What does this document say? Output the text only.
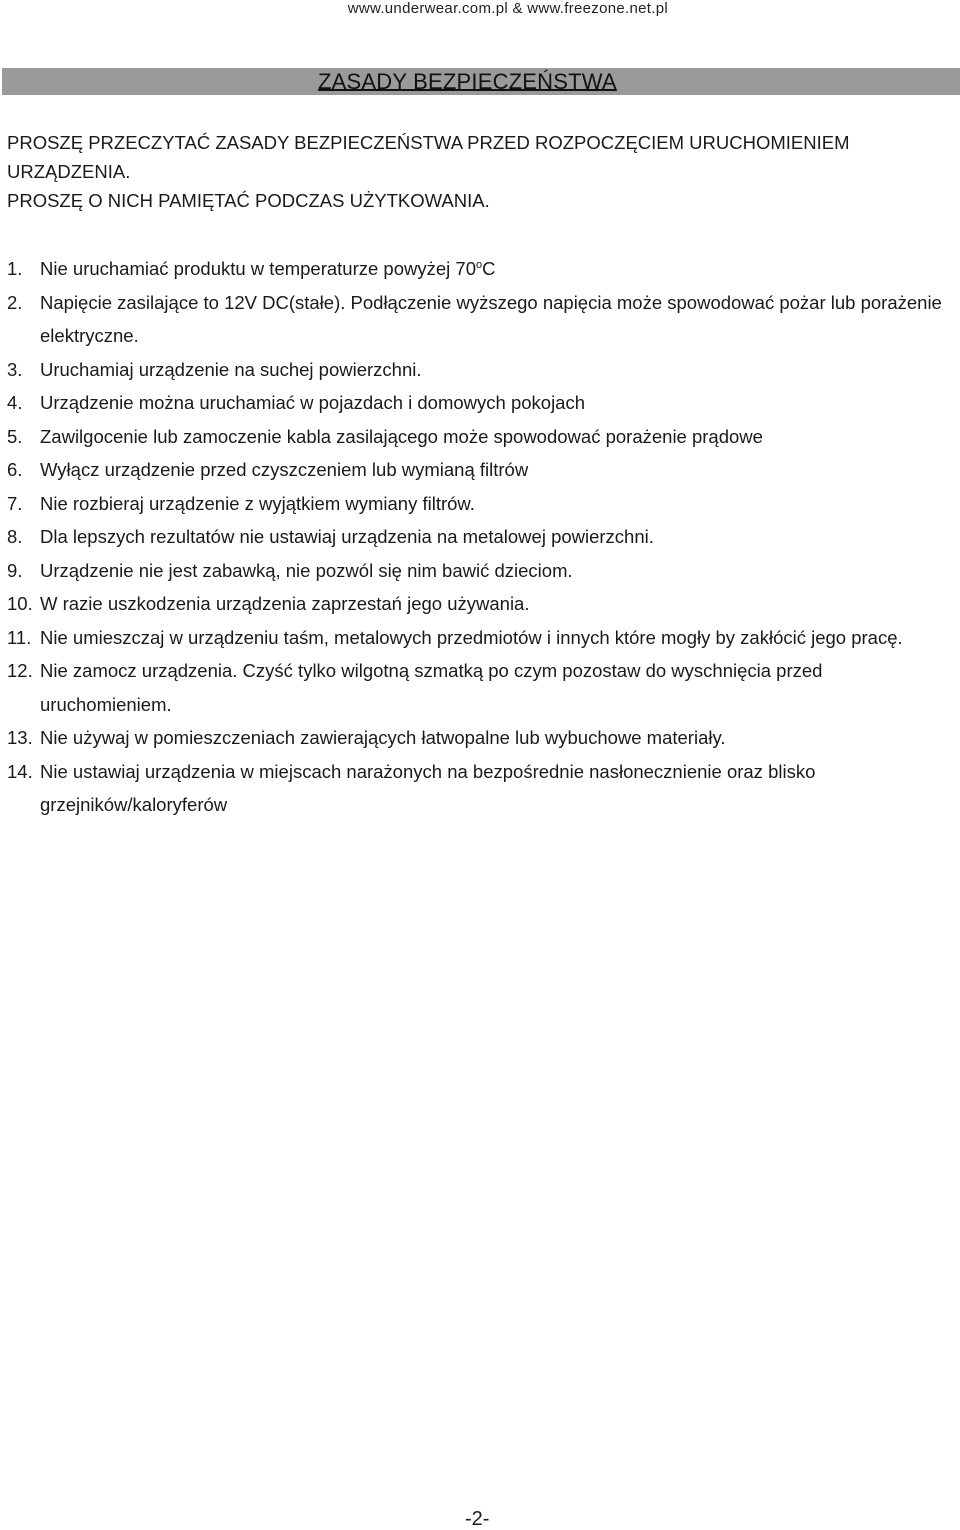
www.underwear.com.pl & www.freezone.net.pl
ZASADY BEZPIECZEŃSTWA

PROSZĘ PRZECZYTAĆ ZASADY BEZPIECZEŃSTWA PRZED ROZPOCZĘCIEM URUCHOMIENIEM URZĄDZENIA.

PROSZĘ O NICH PAMIĘTAĆ PODCZAS UŻYTKOWANIA.

1. Nie uruchamiać produktu w temperaturze powyżej 70$^o$C
2. Napięcie zasilające to 12V DC(stałe). Podłączenie wyższego napięcia może spowodować pożar lub porażenie elektryczne.
3. Uruchamiaj urządzenie na suchej powierzchni.
4. Urządzenie można uruchamiać w pojazdach i domowych pokojach
5. Zawilgocenie lub zamoczenie kabla zasilającego może spowodować porażenie prądowe
6. Wyłącz urządzenie przed czyszczeniem lub wymianą filtrów
7. Nie rozbieraj urządzenie z wyjątkiem wymiany filtrów.
8. Dla lepszych rezultatów nie ustawiaj urządzenia na metalowej powierzchni.
9. Urządzenie nie jest zabawką, nie pozwól się nim bawić dzieciom.
10. W razie uszkodzenia urządzenia zaprzestań jego używania.
11. Nie umieszczaj w urządzeniu taśm, metalowych przedmiotów i innych które mogły by zakłócić jego pracę.
12. Nie zamocz urządzenia. Czyść tylko wilgotną szmatką po czym pozostaw do wyschnięcia przed uruchomieniem.
13. Nie używaj w pomieszczeniach zawierających łatwopalne lub wybuchowe materiały.
14. Nie ustawiaj urządzenia w miejscach narażonych na bezpośrednie nasłonecznienie oraz blisko grzejników/kaloryferów
-2-
